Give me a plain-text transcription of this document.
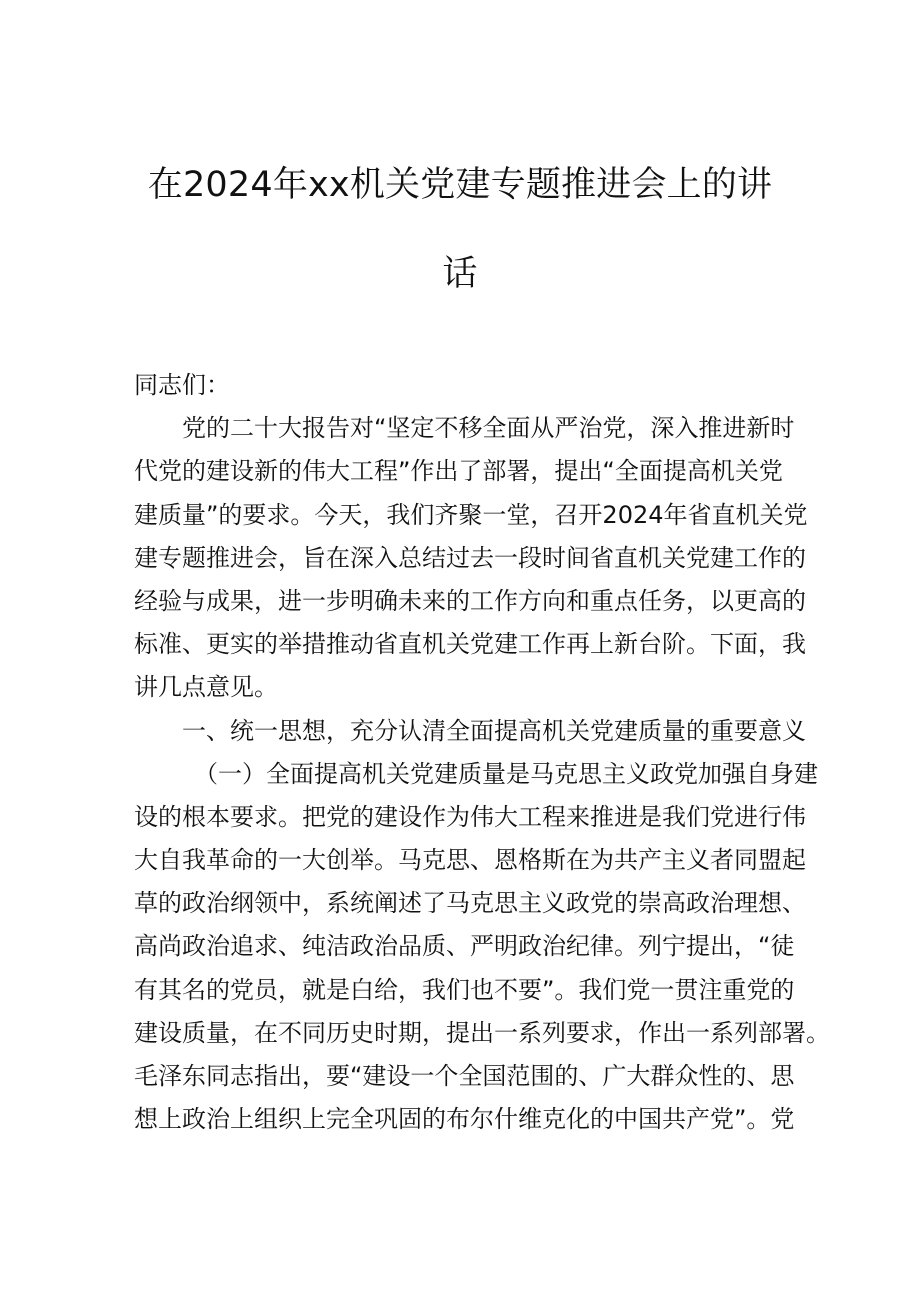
在2024年xx机关党建专题推进会上的讲
话

同志们：

党的二十大报告对“坚定不移全面从严治党，深入推进新时

代党的建设新的伟大工程”作出了部署，提出“全面提高机关党

建质量”的要求。今天，我们齐聚一堂，召开2024年省直机关党

建专题推进会，旨在深入总结过去一段时间省直机关党建工作的

经验与成果，进一步明确未来的工作方向和重点任务，以更高的

标准、更实的举措推动省直机关党建工作再上新台阶。下面，我

讲几点意见。

一、统一思想，充分认清全面提高机关党建质量的重要意义

（一）全面提高机关党建质量是马克思主义政党加强自身建

设的根本要求。把党的建设作为伟大工程来推进是我们党进行伟

大自我革命的一大创举。马克思、恩格斯在为共产主义者同盟起

草的政治纲领中，系统阐述了马克思主义政党的崇高政治理想、

高尚政治追求、纯洁政治品质、严明政治纪律。列宁提出，“徒

有其名的党员，就是白给，我们也不要”。我们党一贯注重党的

建设质量，在不同历史时期，提出一系列要求，作出一系列部署。

毛泽东同志指出，要“建设一个全国范围的、广大群众性的、思

想上政治上组织上完全巩固的布尔什维克化的中国共产党”。党
